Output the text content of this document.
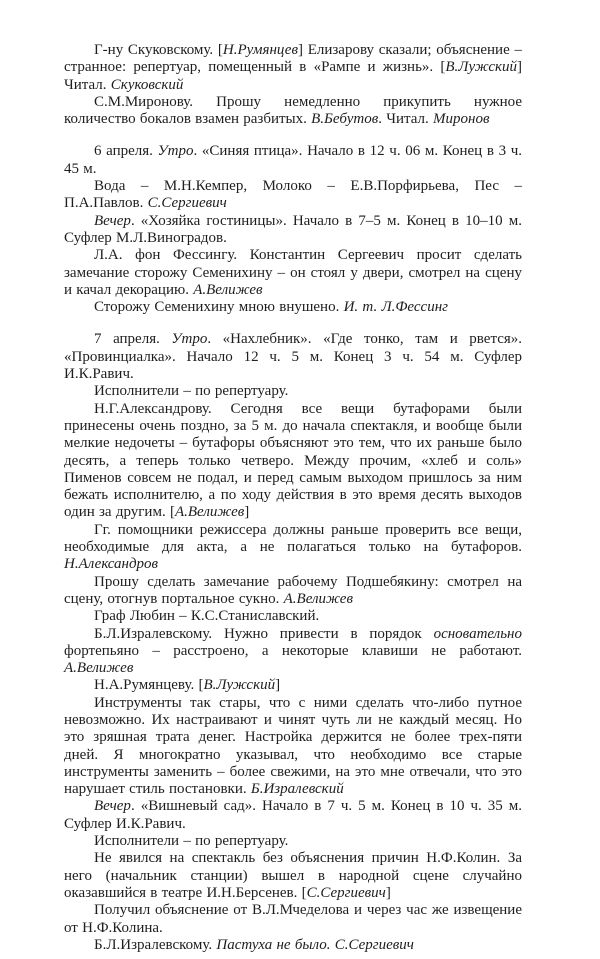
Г-ну Скуковскому. [Н.Румянцев] Елизарову сказали; объяснение – странное: репертуар, помещенный в «Рампе и жизнь». [В.Лужский] Читал. Скуковский

С.М.Миронову. Прошу немедленно прикупить нужное количество бокалов взамен разбитых. В.Бебутов. Читал. Миронов

6 апреля. Утро. «Синяя птица». Начало в 12 ч. 06 м. Конец в 3 ч. 45 м.

Вода – М.Н.Кемпер, Молоко – Е.В.Порфирьева, Пес – П.А.Павлов. С.Сергиевич

Вечер. «Хозяйка гостиницы». Начало в 7–5 м. Конец в 10–10 м. Суфлер М.Л.Виноградов.

Л.А. фон Фессингу. Константин Сергеевич просит сделать замечание сторожу Семенихину – он стоял у двери, смотрел на сцену и качал декорацию. А.Велижев

Сторожу Семенихину мною внушено. И. т. Л.Фессинг

7 апреля. Утро. «Нахлебник». «Где тонко, там и рвется». «Провинциалка». Начало 12 ч. 5 м. Конец 3 ч. 54 м. Суфлер И.К.Равич.

Исполнители – по репертуару.

Н.Г.Александрову. Сегодня все вещи бутафорами были принесены очень поздно, за 5 м. до начала спектакля, и вообще были мелкие недочеты – бутафоры объясняют это тем, что их раньше было десять, а теперь только четверо. Между прочим, «хлеб и соль» Пименов совсем не подал, и перед самым выходом пришлось за ним бежать исполнителю, а по ходу действия в это время десять выходов один за другим. [А.Велижев]

Гг. помощники режиссера должны раньше проверить все вещи, необходимые для акта, а не полагаться только на бутафоров. Н.Александров

Прошу сделать замечание рабочему Подшебякину: смотрел на сцену, отогнув портальное сукно. А.Велижев

Граф Любин – К.С.Станиславский.

Б.Л.Изралевскому. Нужно привести в порядок основательно фортепьяно – расстроено, а некоторые клавиши не работают. А.Велижев

Н.А.Румянцеву. [В.Лужский]

Инструменты так стары, что с ними сделать что-либо путное невозможно. Их настраивают и чинят чуть ли не каждый месяц. Но это зряшная трата денег. Настройка держится не более трех-пяти дней. Я многократно указывал, что необходимо все старые инструменты заменить – более свежими, на это мне отвечали, что это нарушает стиль постановки. Б.Изралевский

Вечер. «Вишневый сад». Начало в 7 ч. 5 м. Конец в 10 ч. 35 м. Суфлер И.К.Равич.

Исполнители – по репертуару.

Не явился на спектакль без объяснения причин Н.Ф.Колин. За него (начальник станции) вышел в народной сцене случайно оказавшийся в театре И.Н.Берсенев. [С.Сергиевич]

Получил объяснение от В.Л.Мчеделова и через час же извещение от Н.Ф.Колина.

Б.Л.Изралевскому. Пастуха не было. С.Сергиевич
